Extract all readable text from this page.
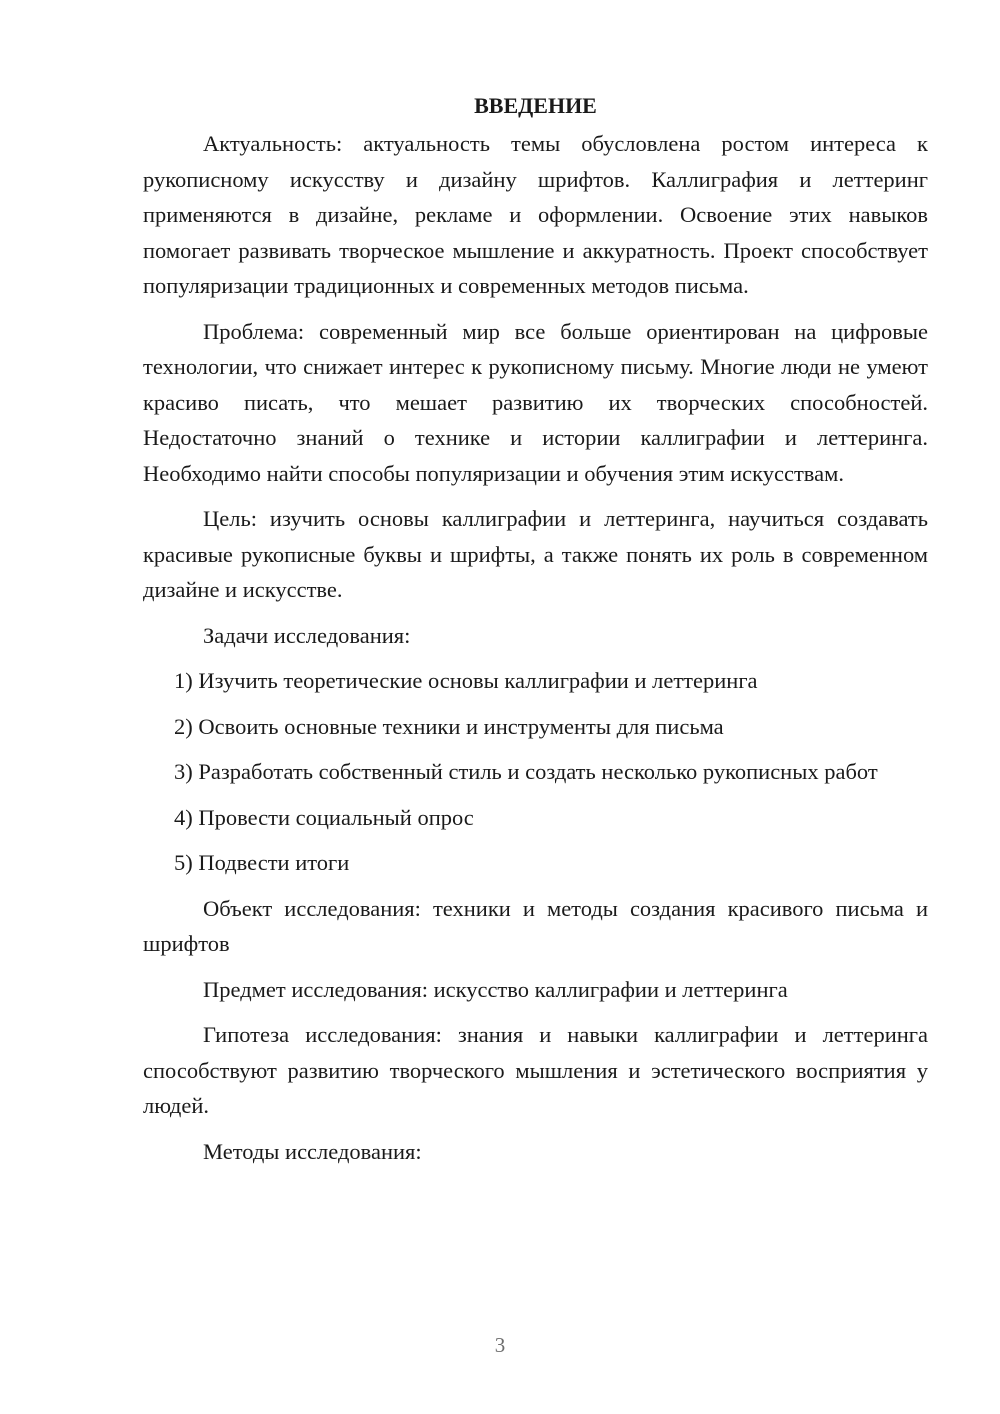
ВВЕДЕНИЕ

Актуальность: актуальность темы обусловлена ростом интереса к рукописному искусству и дизайну шрифтов. Каллиграфия и леттеринг применяются в дизайне, рекламе и оформлении. Освоение этих навыков помогает развивать творческое мышление и аккуратность. Проект способствует популяризации традиционных и современных методов письма.

Проблема: современный мир все больше ориентирован на цифровые технологии, что снижает интерес к рукописному письму. Многие люди не умеют красиво писать, что мешает развитию их творческих способностей. Недостаточно знаний о технике и истории каллиграфии и леттеринга. Необходимо найти способы популяризации и обучения этим искусствам.

Цель: изучить основы каллиграфии и леттеринга, научиться создавать красивые рукописные буквы и шрифты, а также понять их роль в современном дизайне и искусстве.

Задачи исследования:

1) Изучить теоретические основы каллиграфии и леттеринга

2) Освоить основные техники и инструменты для письма

3) Разработать собственный стиль и создать несколько рукописных работ

4) Провести социальный опрос

5) Подвести итоги

Объект исследования: техники и методы создания красивого письма и шрифтов

Предмет исследования: искусство каллиграфии и леттеринга

Гипотеза исследования: знания и навыки каллиграфии и леттеринга способствуют развитию творческого мышления и эстетического восприятия у людей.

Методы исследования:

3
